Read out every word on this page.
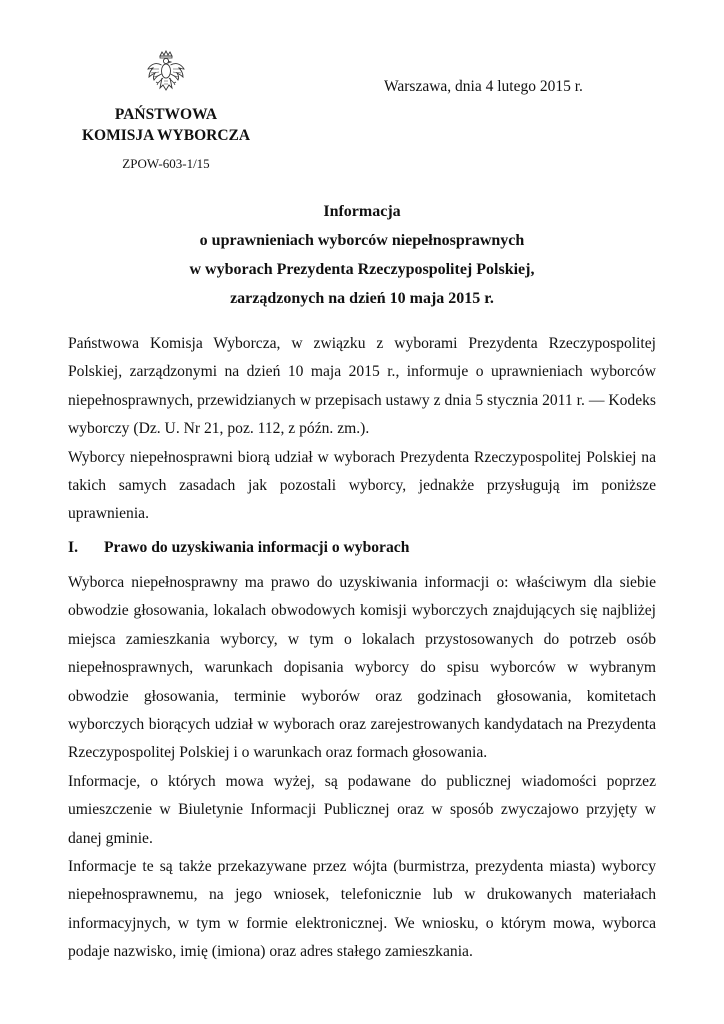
Warszawa, dnia 4 lutego 2015 r.
PAŃSTWOWA
KOMISJA WYBORCZA
ZPOW-603-1/15
Informacja
o uprawnieniach wyborców niepełnosprawnych
w wyborach Prezydenta Rzeczypospolitej Polskiej,
zarządzonych na dzień 10 maja 2015 r.

Państwowa Komisja Wyborcza, w związku z wyborami Prezydenta Rzeczypospolitej Polskiej, zarządzonymi na dzień 10 maja 2015 r., informuje o uprawnieniach wyborców niepełnosprawnych, przewidzianych w przepisach ustawy z dnia 5 stycznia 2011 r. — Kodeks wyborczy (Dz. U. Nr 21, poz. 112, z późn. zm.).

Wyborcy niepełnosprawni biorą udział w wyborach Prezydenta Rzeczypospolitej Polskiej na takich samych zasadach jak pozostali wyborcy, jednakże przysługują im poniższe uprawnienia.

I. Prawo do uzyskiwania informacji o wyborach

Wyborca niepełnosprawny ma prawo do uzyskiwania informacji o: właściwym dla siebie obwodzie głosowania, lokalach obwodowych komisji wyborczych znajdujących się najbliżej miejsca zamieszkania wyborcy, w tym o lokalach przystosowanych do potrzeb osób niepełnosprawnych, warunkach dopisania wyborcy do spisu wyborców w wybranym obwodzie głosowania, terminie wyborów oraz godzinach głosowania, komitetach wyborczych biorących udział w wyborach oraz zarejestrowanych kandydatach na Prezydenta Rzeczypospolitej Polskiej i o warunkach oraz formach głosowania.

Informacje, o których mowa wyżej, są podawane do publicznej wiadomości poprzez umieszczenie w Biuletynie Informacji Publicznej oraz w sposób zwyczajowo przyjęty w danej gminie.

Informacje te są także przekazywane przez wójta (burmistrza, prezydenta miasta) wyborcy niepełnosprawnemu, na jego wniosek, telefonicznie lub w drukowanych materiałach informacyjnych, w tym w formie elektronicznej. We wniosku, o którym mowa, wyborca podaje nazwisko, imię (imiona) oraz adres stałego zamieszkania.
